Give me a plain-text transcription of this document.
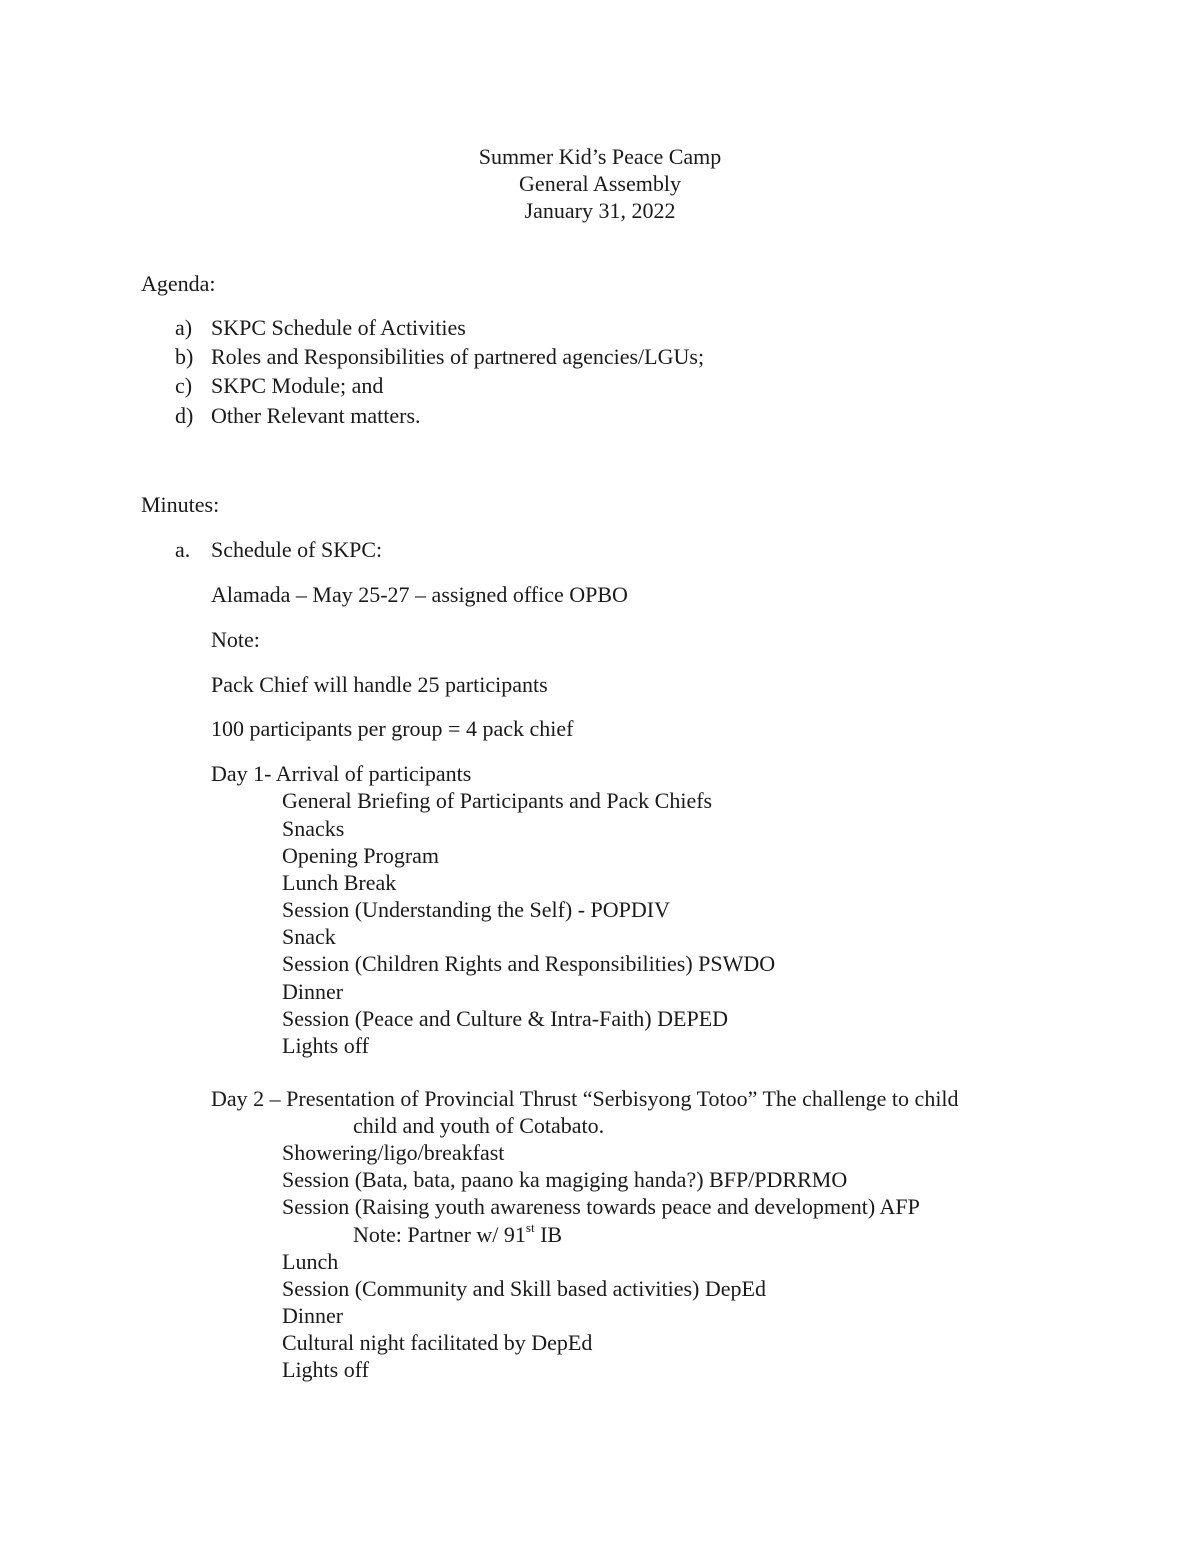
Summer Kid’s Peace Camp
General Assembly
January 31, 2022
Agenda:
a) SKPC Schedule of Activities
b) Roles and Responsibilities of partnered agencies/LGUs;
c) SKPC Module; and
d) Other Relevant matters.
Minutes:
a. Schedule of SKPC:
Alamada – May 25-27 – assigned office OPBO
Note:
Pack Chief will handle 25 participants
100 participants per group = 4 pack chief
Day 1- Arrival of participants
General Briefing of Participants and Pack Chiefs
Snacks
Opening Program
Lunch Break
Session (Understanding the Self) - POPDIV
Snack
Session (Children Rights and Responsibilities) PSWDO
Dinner
Session (Peace and Culture & Intra-Faith) DEPED
Lights off
Day 2 – Presentation of Provincial Thrust “Serbisyong Totoo” The challenge to child
child and youth of Cotabato.
Showering/ligo/breakfast
Session (Bata, bata, paano ka magiging handa?) BFP/PDRRMO
Session (Raising youth awareness towards peace and development) AFP
Note: Partner w/ 91st IB
Lunch
Session (Community and Skill based activities) DepEd
Dinner
Cultural night facilitated by DepEd
Lights off
